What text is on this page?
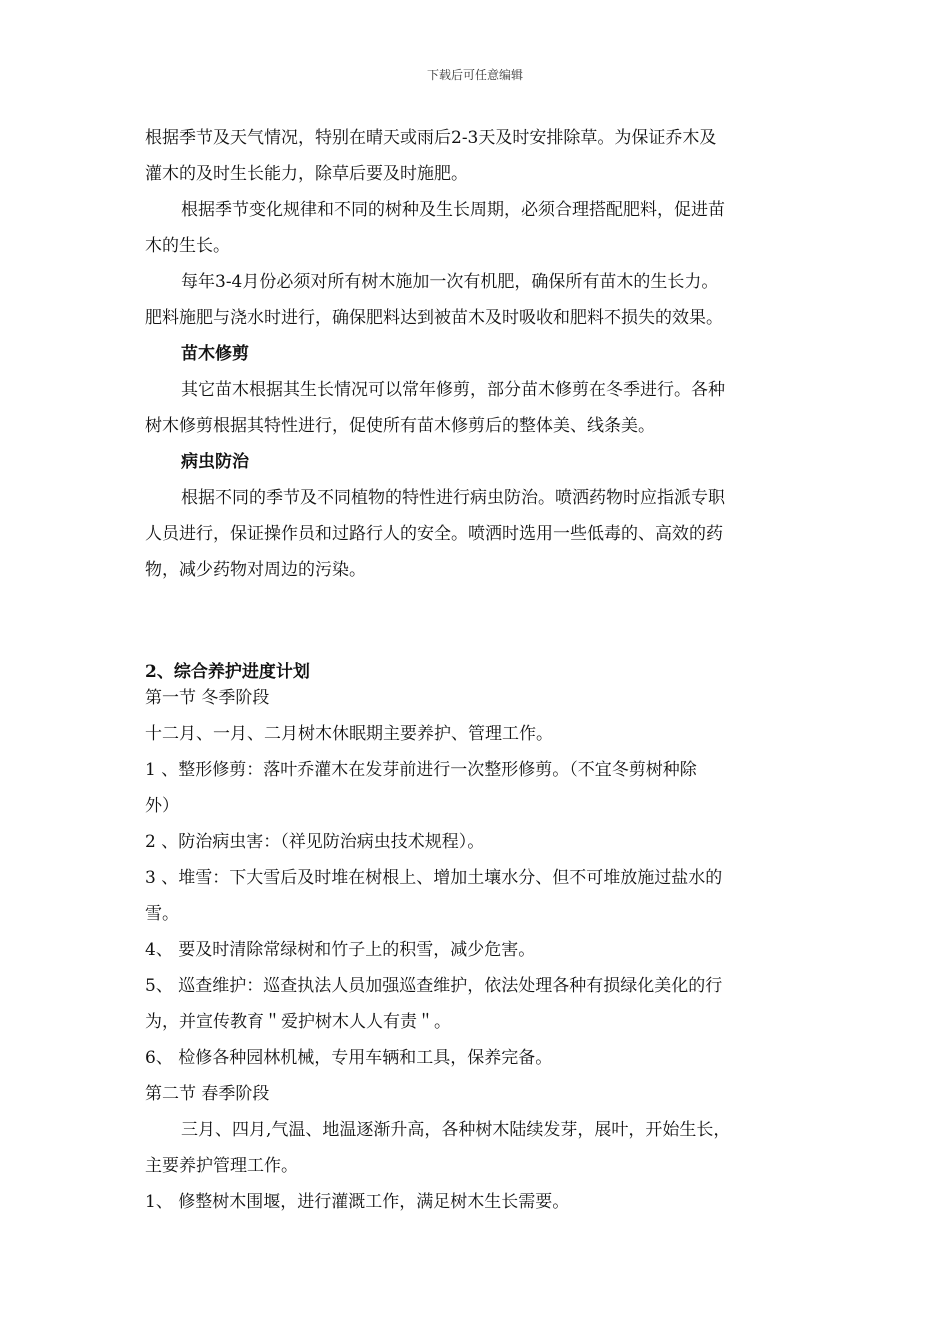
下载后可任意编辑
根据季节及天气情况，特别在晴天或雨后2-3天及时安排除草。为保证乔木及
灌木的及时生长能力，除草后要及时施肥。
根据季节变化规律和不同的树种及生长周期，必须合理搭配肥料，促进苗
木的生长。
每年3-4月份必须对所有树木施加一次有机肥，确保所有苗木的生长力。
肥料施肥与浇水时进行，确保肥料达到被苗木及时吸收和肥料不损失的效果。
苗木修剪
其它苗木根据其生长情况可以常年修剪，部分苗木修剪在冬季进行。各种
树木修剪根据其特性进行，促使所有苗木修剪后的整体美、线条美。
病虫防治
根据不同的季节及不同植物的特性进行病虫防治。喷洒药物时应指派专职
人员进行，保证操作员和过路行人的安全。喷洒时选用一些低毒的、高效的药
物，减少药物对周边的污染。
2、综合养护进度计划
第一节 冬季阶段
十二月、一月、二月树木休眠期主要养护、管理工作。
1 、整形修剪：落叶乔灌木在发芽前进行一次整形修剪。（不宜冬剪树种除
外）
2 、防治病虫害：（祥见防治病虫技术规程）。
3 、堆雪：下大雪后及时堆在树根上、增加土壤水分、但不可堆放施过盐水的
雪。
4、 要及时清除常绿树和竹子上的积雪，减少危害。
5、 巡查维护：巡查执法人员加强巡查维护，依法处理各种有损绿化美化的行
为，并宣传教育＂爱护树木人人有责＂。
6、 检修各种园林机械，专用车辆和工具，保养完备。
第二节 春季阶段
三月、四月,气温、地温逐渐升高，各种树木陆续发芽，展叶，开始生长，
主要养护管理工作。
1、 修整树木围堰，进行灌溉工作，满足树木生长需要。
